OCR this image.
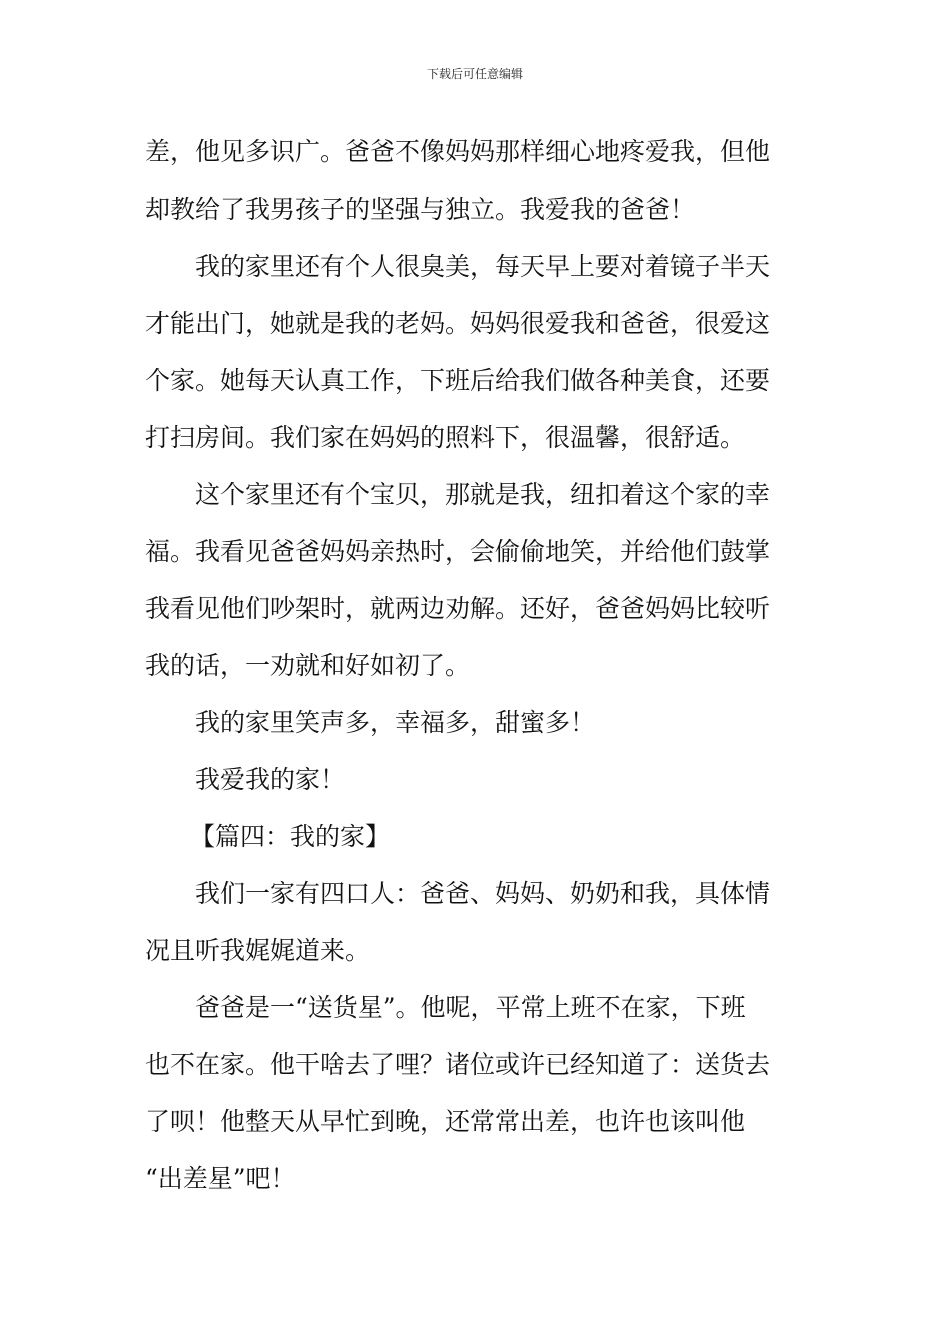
下载后可任意编辑
差，他见多识广。爸爸不像妈妈那样细心地疼爱我，但他
却教给了我男孩子的坚强与独立。我爱我的爸爸！
我的家里还有个人很臭美，每天早上要对着镜子半天
才能出门，她就是我的老妈。妈妈很爱我和爸爸，很爱这
个家。她每天认真工作，下班后给我们做各种美食，还要
打扫房间。我们家在妈妈的照料下，很温馨，很舒适。
这个家里还有个宝贝，那就是我，纽扣着这个家的幸
福。我看见爸爸妈妈亲热时，会偷偷地笑，并给他们鼓掌
我看见他们吵架时，就两边劝解。还好，爸爸妈妈比较听
我的话，一劝就和好如初了。
我的家里笑声多，幸福多，甜蜜多！
我爱我的家！
【篇四：我的家】
我们一家有四口人：爸爸、妈妈、奶奶和我，具体情
况且听我娓娓道来。
爸爸是一“送货星”。他呢，平常上班不在家，下班
也不在家。他干啥去了哩？诸位或许已经知道了：送货去
了呗！他整天从早忙到晚，还常常出差，也许也该叫他
“出差星”吧！
